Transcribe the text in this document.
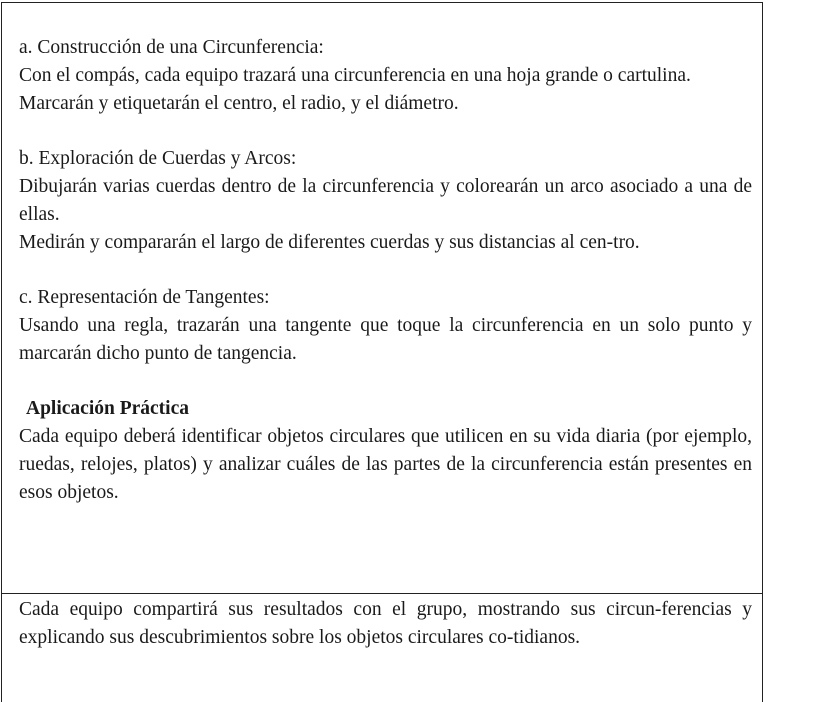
a. Construcción de una Circunferencia:

Con el compás, cada equipo trazará una circunferencia en una hoja grande o cartulina.

Marcarán y etiquetarán el centro, el radio, y el diámetro.

b. Exploración de Cuerdas y Arcos:

Dibujarán varias cuerdas dentro de la circunferencia y colorearán un arco asociado a una de ellas.

Medirán y compararán el largo de diferentes cuerdas y sus distancias al cen-tro.

c. Representación de Tangentes:

Usando una regla, trazarán una tangente que toque la circunferencia en un solo punto y marcarán dicho punto de tangencia.

Aplicación Práctica

Cada equipo deberá identificar objetos circulares que utilicen en su vida diaria (por ejemplo, ruedas, relojes, platos) y analizar cuáles de las partes de la circunferencia están presentes en esos objetos.

Cada equipo compartirá sus resultados con el grupo, mostrando sus circun-ferencias y explicando sus descubrimientos sobre los objetos circulares co-tidianos.
